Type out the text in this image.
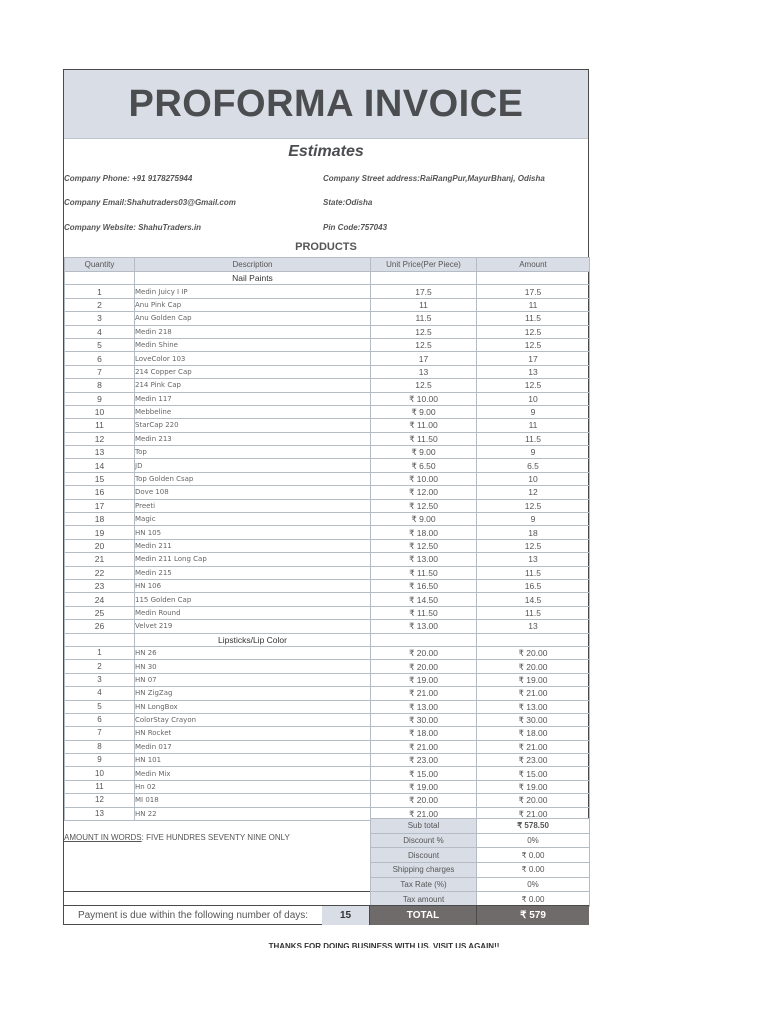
PROFORMA INVOICE
Estimates
Company Phone: +91 9178275944
Company Email:Shahutraders03@Gmail.com
Company Website: ShahuTraders.in
Company Street address:RaiRangPur,MayurBhanj, Odisha
State:Odisha
Pin Code:757043
PRODUCTS
Quantity	Description	Unit Price(Per Piece)	Amount
	Nail Paints		
1	Medin Juicy I IP	17.5	17.5
2	Anu Pink Cap	11	11
3	Anu Golden Cap	11.5	11.5
4	Medin 218	12.5	12.5
5	Medin Shine	12.5	12.5
6	LoveColor 103	17	17
7	214 Copper Cap	13	13
8	214 Pink Cap	12.5	12.5
9	Medin 117	₹ 10.00	10
10	Mebbeline	₹ 9.00	9
11	StarCap 220	₹ 11.00	11
12	Medin 213	₹ 11.50	11.5
13	Top	₹ 9.00	9
14	JD	₹ 6.50	6.5
15	Top Golden Csap	₹ 10.00	10
16	Dove 108	₹ 12.00	12
17	Preeti	₹ 12.50	12.5
18	Magic	₹ 9.00	9
19	HN 105	₹ 18.00	18
20	Medin 211	₹ 12.50	12.5
21	Medin 211 Long Cap	₹ 13.00	13
22	Medin 215	₹ 11.50	11.5
23	HN 106	₹ 16.50	16.5
24	115 Golden Cap	₹ 14.50	14.5
25	Medin Round	₹ 11.50	11.5
26	Velvet 219	₹ 13.00	13
	Lipsticks/Lip Color		
1	HN 26	₹ 20.00	₹ 20.00
2	HN 30	₹ 20.00	₹ 20.00
3	HN 07	₹ 19.00	₹ 19.00
4	HN ZigZag	₹ 21.00	₹ 21.00
5	HN LongBox	₹ 13.00	₹ 13.00
6	ColorStay Crayon	₹ 30.00	₹ 30.00
7	HN Rocket	₹ 18.00	₹ 18.00
8	Medin 017	₹ 21.00	₹ 21.00
9	HN 101	₹ 23.00	₹ 23.00
10	Medin Mix	₹ 15.00	₹ 15.00
11	Hn 02	₹ 19.00	₹ 19.00
12	MI 018	₹ 20.00	₹ 20.00
13	HN 22	₹ 21.00	₹ 21.00
AMOUNT IN WORDS: FIVE HUNDRES SEVENTY NINE ONLY
Sub total	₹ 578.50
Discount %	0%
Discount	₹ 0.00
Shipping charges	₹ 0.00
Tax Rate (%)	0%
Tax amount	₹ 0.00
Payment is due within the following number of days:	15	TOTAL	₹ 579
THANKS FOR DOING BUSINESS WITH US. VISIT US AGAIN!!
